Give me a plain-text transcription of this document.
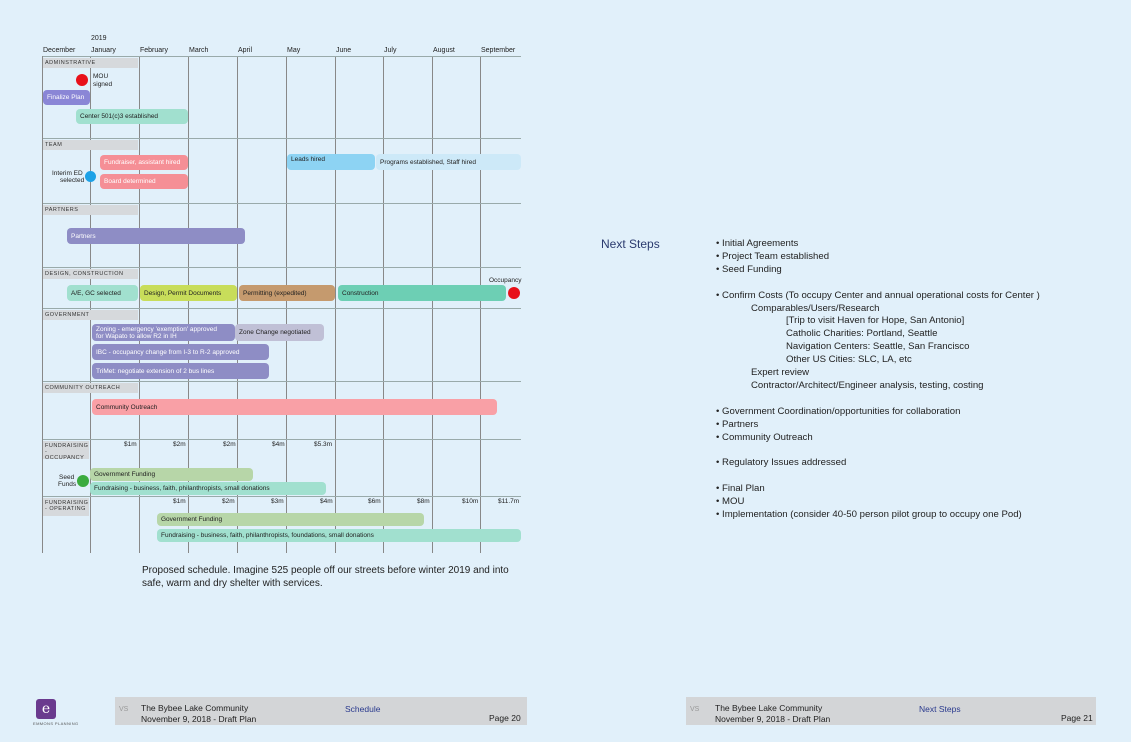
2019
December January	February	March	April	May	June	July	August	September
ADMINSTRATIVE
TEAM
PARTNERS
DESIGN, CONSTRUCTION
GOVERNMENT
COMMUNITY OUTREACH
FUNDRAISING - OCCUPANCY
FUNDRAISING - OPERATING
MOU
signed
Finalize Plan
Center 501(c)3 established
Fundraiser, assistant hired	Leads hired	Programs established, Staff hired
Interim ED
selected	Board determined
Partners
Occupancy
A/E, GC selected	Design, Permit Documents	Permitting (expedited)	Construction
Zoning - emergency 'exemption' approved
for Wapato to allow R2 in IH	Zone Change negotiated
IBC - occupancy change from I-3 to R-2 approved
TriMet: negotiate extension of 2 bus lines
Community Outreach
$1m	$2m	$2m	$4m	$5.3m
Seed
Funds
Government Funding
Fundraising - business, faith, philanthropists, small donations
$1m	$2m	$3m	$4m	$6m	$8m	$10m	$11.7m
Government Funding
Fundraising - business, faith, philanthropists, foundations, small donations
Proposed schedule. Imagine 525 people off our streets before winter 2019 and into safe, warm and dry shelter with services.
Next Steps	• Initial Agreements
• Project Team established
• Seed Funding
• Confirm Costs (To occupy Center and annual operational costs for Center )
Comparables/Users/Research
[Trip to visit Haven for Hope, San Antonio]
Catholic Charities: Portland, Seattle
Navigation Centers: Seattle, San Francisco
Other US Cities: SLC, LA, etc
Expert review
Contractor/Architect/Engineer analysis, testing, costing
• Government Coordination/opportunities for collaboration
• Partners
• Community Outreach
• Regulatory Issues addressed
• Final Plan
• MOU
• Implementation (consider 40-50 person pilot group to occupy one Pod)
e
EMMONS PLANNING
VS The Bybee Lake Community
November 9, 2018 - Draft Plan
Schedule
Page 20
VS The Bybee Lake Community
November 9, 2018 - Draft Plan
Next Steps
Page 21
